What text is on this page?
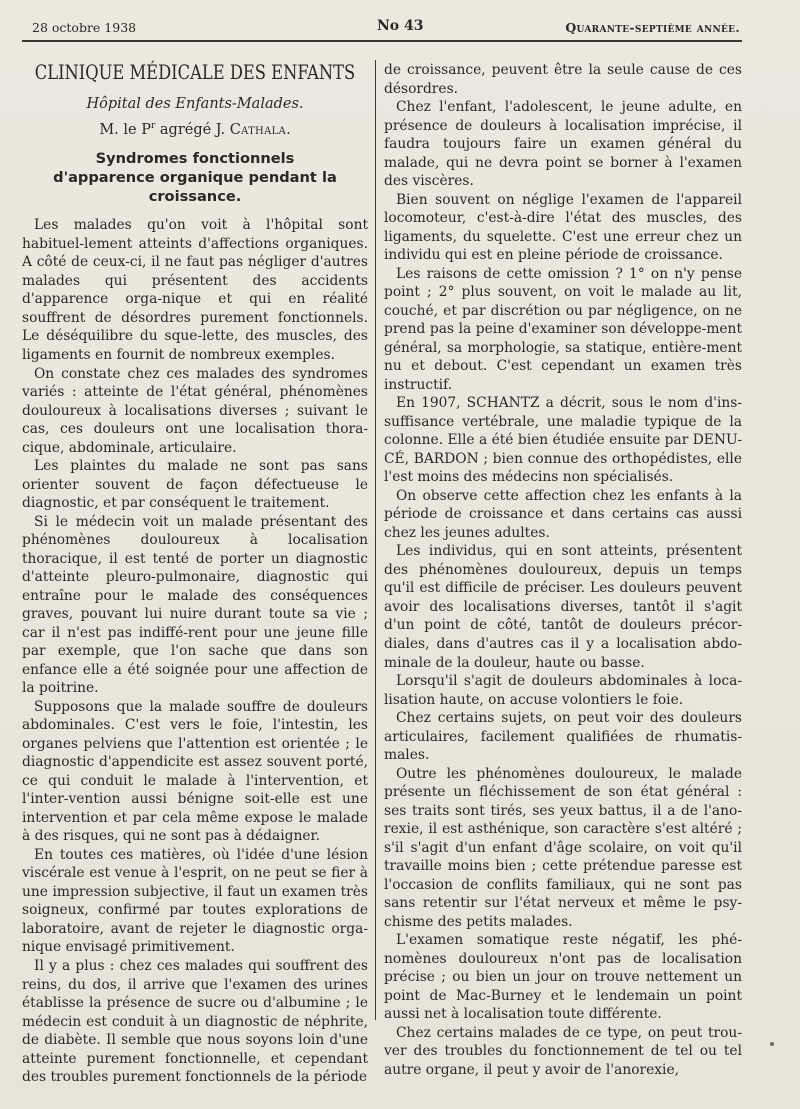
28 octobre 1938	No 43	Quarante-septième année.
CLINIQUE MÉDICALE DES ENFANTS
Hôpital des Enfants-Malades.
M. le $P^r$ agrégé J. Cathala.
Syndromes fonctionnels
d'apparence organique pendant la croissance.

Les malades qu'on voit à l'hôpital sont habituel-lement atteints d'affections organiques. A côté de ceux-ci, il ne faut pas négliger d'autres malades qui présentent des accidents d'apparence orga-nique et qui en réalité souffrent de désordres purement fonctionnels. Le déséquilibre du sque-lette, des muscles, des ligaments en fournit de nombreux exemples.

On constate chez ces malades des syndromes variés : atteinte de l'état général, phénomènes douloureux à localisations diverses ; suivant le cas, ces douleurs ont une localisation thora-cique, abdominale, articulaire.

Les plaintes du malade ne sont pas sans orienter souvent de façon défectueuse le diagnostic, et par conséquent le traitement.

Si le médecin voit un malade présentant des phénomènes douloureux à localisation thoracique, il est tenté de porter un diagnostic d'atteinte pleuro-pulmonaire, diagnostic qui entraîne pour le malade des conséquences graves, pouvant lui nuire durant toute sa vie ; car il n'est pas indiffé-rent pour une jeune fille par exemple, que l'on sache que dans son enfance elle a été soignée pour une affection de la poitrine.

Supposons que la malade souffre de douleurs abdominales. C'est vers le foie, l'intestin, les organes pelviens que l'attention est orientée ; le diagnostic d'appendicite est assez souvent porté, ce qui conduit le malade à l'intervention, et l'inter-vention aussi bénigne soit-elle est une intervention et par cela même expose le malade à des risques, qui ne sont pas à dédaigner.

En toutes ces matières, où l'idée d'une lésion viscérale est venue à l'esprit, on ne peut se fier à une impression subjective, il faut un examen très soigneux, confirmé par toutes explorations de laboratoire, avant de rejeter le diagnostic orga-nique envisagé primitivement.

Il y a plus : chez ces malades qui souffrent des reins, du dos, il arrive que l'examen des urines établisse la présence de sucre ou d'albumine ; le médecin est conduit à un diagnostic de néphrite, de diabète. Il semble que nous soyons loin d'une atteinte purement fonctionnelle, et cependant des troubles purement fonctionnels de la période

de croissance, peuvent être la seule cause de ces désordres.

Chez l'enfant, l'adolescent, le jeune adulte, en présence de douleurs à localisation imprécise, il faudra toujours faire un examen général du malade, qui ne devra point se borner à l'examen des viscères.

Bien souvent on néglige l'examen de l'appareil locomoteur, c'est-à-dire l'état des muscles, des ligaments, du squelette. C'est une erreur chez un individu qui est en pleine période de croissance.

Les raisons de cette omission ? 1° on n'y pense point ; 2° plus souvent, on voit le malade au lit, couché, et par discrétion ou par négligence, on ne prend pas la peine d'examiner son développe-ment général, sa morphologie, sa statique, entière-ment nu et debout. C'est cependant un examen très instructif.

En 1907, SCHANTZ a décrit, sous le nom d'ins-suffisance vertébrale, une maladie typique de la colonne. Elle a été bien étudiée ensuite par DENU-CÉ, BARDON ; bien connue des orthopédistes, elle l'est moins des médecins non spécialisés.

On observe cette affection chez les enfants à la période de croissance et dans certains cas aussi chez les jeunes adultes.

Les individus, qui en sont atteints, présentent des phénomènes douloureux, depuis un temps qu'il est difficile de préciser. Les douleurs peuvent avoir des localisations diverses, tantôt il s'agit d'un point de côté, tantôt de douleurs précor-diales, dans d'autres cas il y a localisation abdo-minale de la douleur, haute ou basse.

Lorsqu'il s'agit de douleurs abdominales à loca-lisation haute, on accuse volontiers le foie.

Chez certains sujets, on peut voir des douleurs articulaires, facilement qualifiées de rhumatis-males.

Outre les phénomènes douloureux, le malade présente un fléchissement de son état général : ses traits sont tirés, ses yeux battus, il a de l'ano-rexie, il est asthénique, son caractère s'est altéré ; s'il s'agit d'un enfant d'âge scolaire, on voit qu'il travaille moins bien ; cette prétendue paresse est l'occasion de conflits familiaux, qui ne sont pas sans retentir sur l'état nerveux et même le psy-chisme des petits malades.

L'examen somatique reste négatif, les phé-nomènes douloureux n'ont pas de localisation précise ; ou bien un jour on trouve nettement un point de Mac-Burney et le lendemain un point aussi net à localisation toute différente.

Chez certains malades de ce type, on peut trou-ver des troubles du fonctionnement de tel ou tel autre organe, il peut y avoir de l'anorexie,
